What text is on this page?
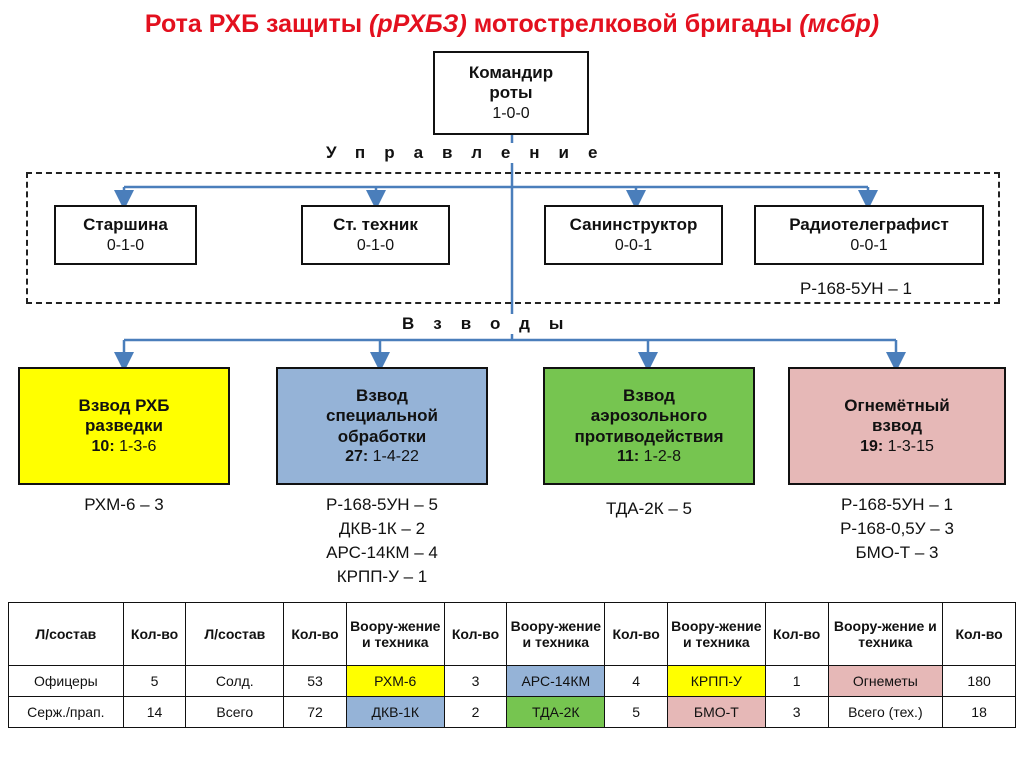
Рота РХБ защиты (рРХБЗ) мотострелковой бригады (мсбр)
Командир
роты
1-0-0
Управление
Старшина
0-1-0
Ст. техник
0-1-0
Санинструктор
0-0-1
Радиотелеграфист
0-0-1
Р-168-5УН – 1
Взводы
Взвод РХБ
разведки
10: 1-3-6
Взвод
специальной
обработки
27: 1-4-22
Взвод
аэрозольного
противодействия
11: 1-2-8
Огнемётный
взвод
19: 1-3-15
РХМ-6 – 3	Р-168-5УН – 5
ДКВ-1К – 2
АРС-14КМ – 4
КРПП-У – 1
ТДА-2К – 5	Р-168-5УН – 1
Р-168-0,5У – 3
БМО-Т – 3
Л/состав	Кол-во	Л/состав	Кол-во	Воору-жение и техника	Кол-во	Воору-жение и техника	Кол-во	Воору-жение и техника	Кол-во	Воору-жение и техника	Кол-во
Офицеры	5	Солд.	53	РХМ-6	3	АРС-14КМ	4	КРПП-У	1	Огнеметы	180
Серж./прап.	14	Всего	72	ДКВ-1К	2	ТДА-2К	5	БМО-Т	3	Всего (тех.)	18
